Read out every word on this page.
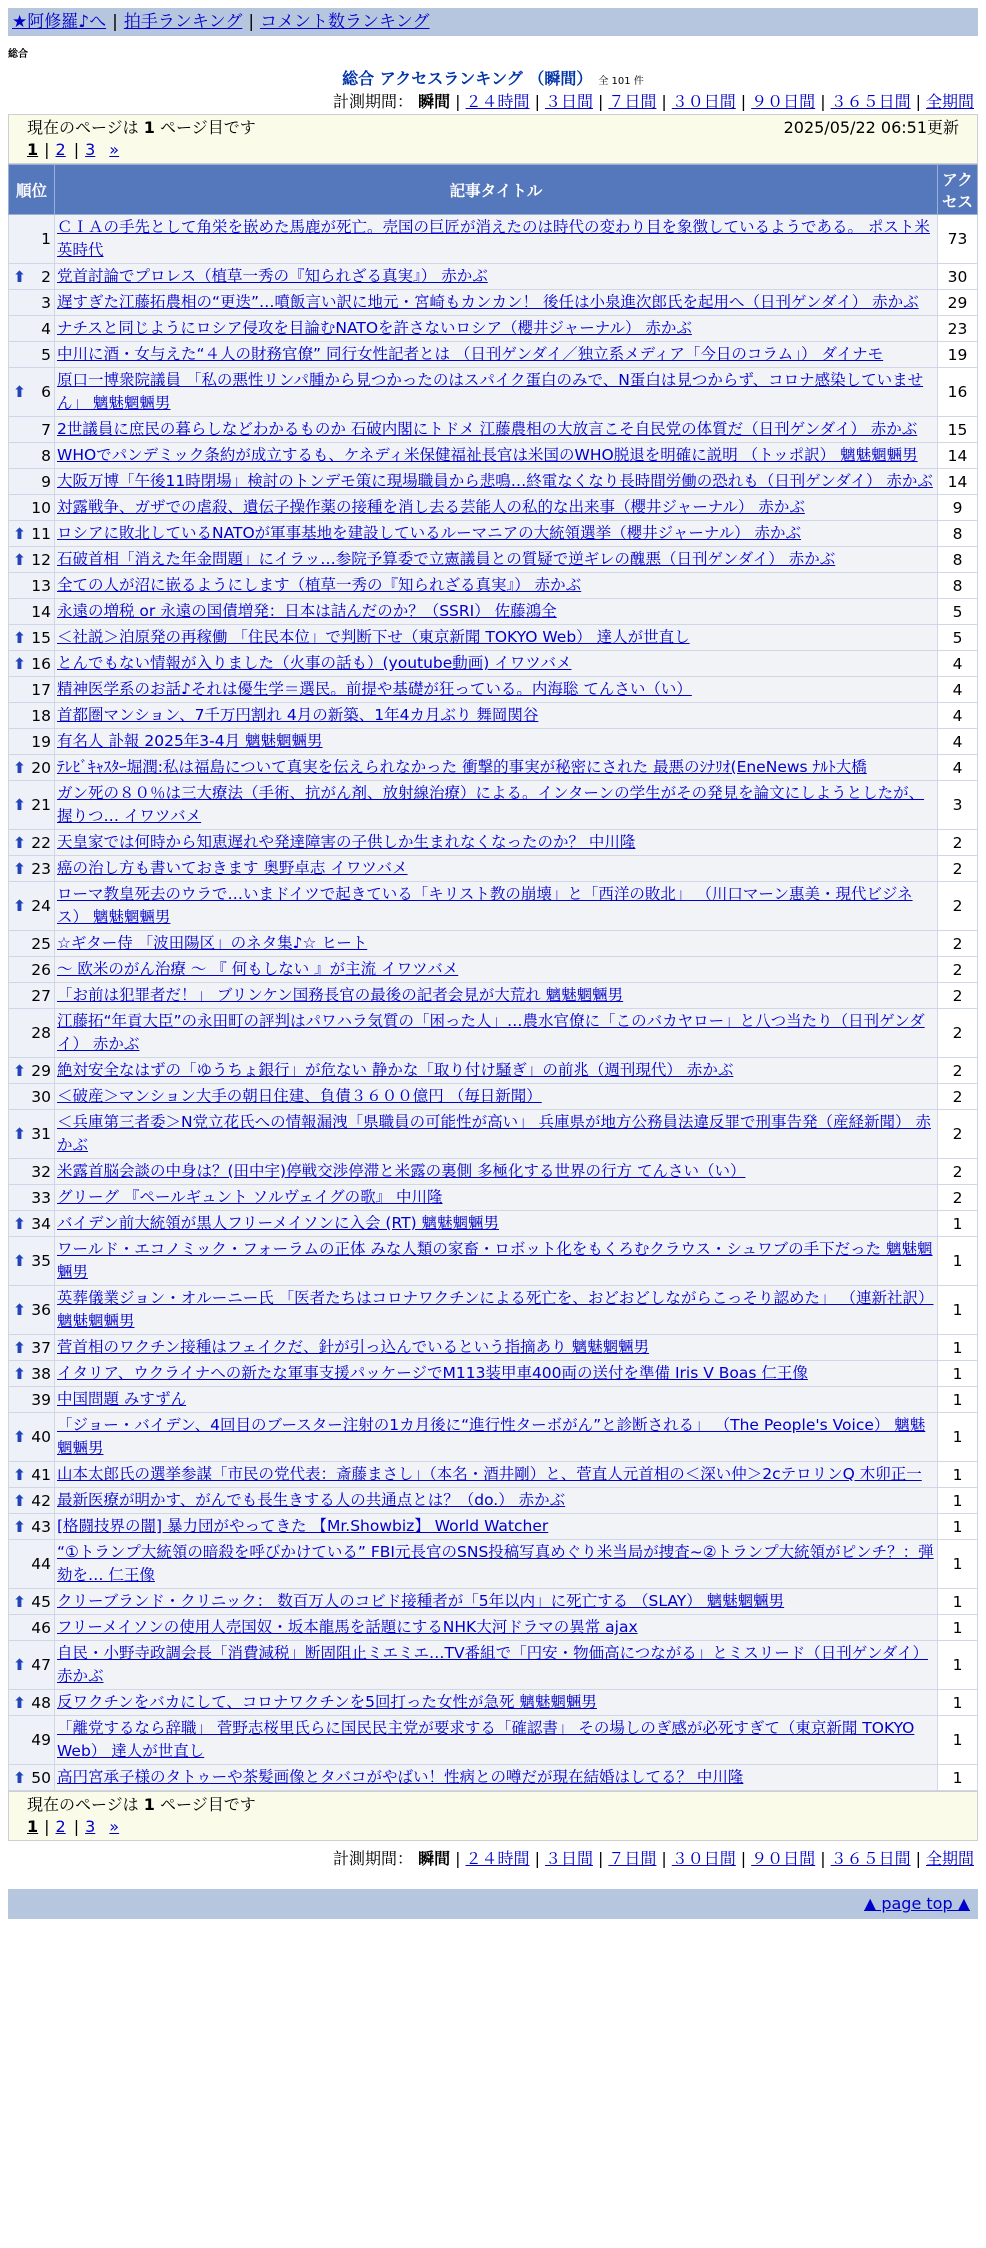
★阿修羅♪へ | 拍手ランキング | コメント数ランキング
総合
総合 アクセスランキング （瞬間） 全 101 件
計測期間： 瞬間 | ２４時間 | ３日間 | ７日間 | ３０日間 | ９０日間 | ３６５日間 | 全期間
現在のページは 1 ページ目です	2025/05/22 06:51更新
1 | 2 | 3 »
順位	記事タイトル	アクセス
1	ＣＩＡの手先として角栄を嵌めた馬鹿が死亡。売国の巨匠が消えたのは時代の変わり目を象徴しているようである。 ポスト米英時代	73

⬆ 2	党首討論でプロレス（植草一秀の『知られざる真実』） 赤かぶ	30
3	遅すぎた江藤拓農相の“更迭”…噴飯言い訳に地元・宮崎もカンカン！ 後任は小泉進次郎氏を起用へ（日刊ゲンダイ） 赤かぶ	29
4	ナチスと同じようにロシア侵攻を目論むNATOを許さないロシア（櫻井ジャーナル） 赤かぶ	23
5	中川に酒・女与えた“４人の財務官僚” 同行女性記者とは （日刊ゲンダイ／独立系メディア「今日のコラム」） ダイナモ	19

⬆ 6	原口一博衆院議員 「私の悪性リンパ腫から見つかったのはスパイク蛋白のみで、N蛋白は見つからず、コロナ感染していません」 魑魅魍魎男	16
7	2世議員に庶民の暮らしなどわかるものか 石破内閣にトドメ 江藤農相の大放言こそ自民党の体質だ（日刊ゲンダイ） 赤かぶ	15
8	WHOでパンデミック条約が成立するも、ケネディ米保健福祉長官は米国のWHO脱退を明確に説明 （トッポ訳） 魑魅魍魎男	14
9	大阪万博「午後11時閉場」検討のトンデモ策に現場職員から悲鳴…終電なくなり長時間労働の恐れも（日刊ゲンダイ） 赤かぶ	14
10	対露戦争、ガザでの虐殺、遺伝子操作薬の接種を消し去る芸能人の私的な出来事（櫻井ジャーナル） 赤かぶ	9

⬆ 11	ロシアに敗北しているNATOが軍事基地を建設しているルーマニアの大統領選挙（櫻井ジャーナル） 赤かぶ	8

⬆ 12	石破首相「消えた年金問題」にイラッ…参院予算委で立憲議員との質疑で逆ギレの醜悪（日刊ゲンダイ） 赤かぶ	8
13	全ての人が沼に嵌るようにします（植草一秀の『知られざる真実』） 赤かぶ	8
14	永遠の増税 or 永遠の国債増発：日本は詰んだのか？（SSRI） 佐藤鴻全	5

⬆ 15	＜社説＞泊原発の再稼働 「住民本位」で判断下せ（東京新聞 TOKYO Web） 達人が世直し	5

⬆ 16	とんでもない情報が入りました（火事の話も）(youtube動画) イワツバメ	4
17	精神医学系のお話♪それは優生学＝選民。前提や基礎が狂っている。内海聡 てんさい（い）	4
18	首都圏マンション、7千万円割れ 4月の新築、1年4カ月ぶり 舞岡関谷	4
19	有名人 訃報 2025年3-4月 魑魅魍魎男	4

⬆ 20	ﾃﾚﾋﾞｷｬｽﾀｰ堀潤:私は福島について真実を伝えられなかった 衝撃的事実が秘密にされた 最悪のｼﾅﾘｵ(EneNews ﾅﾙﾄ大橋	4

⬆ 21	ガン死の８０％は三大療法（手術、抗がん剤、放射線治療）による。インターンの学生がその発見を論文にしようとしたが、握りつ… イワツバメ	3

⬆ 22	天皇家では何時から知恵遅れや発達障害の子供しか生まれなくなったのか？ 中川隆	2

⬆ 23	癌の治し方も書いておきます 奥野卓志 イワツバメ	2

⬆ 24	ローマ教皇死去のウラで…いまドイツで起きている「キリスト教の崩壊」と「西洋の敗北」 （川口マーン惠美・現代ビジネス） 魑魅魍魎男	2
25	☆ギター侍 「波田陽区」のネタ集♪☆ ヒート	2
26	～ 欧米のがん治療 ～ 『 何もしない 』が主流 イワツバメ	2
27	「お前は犯罪者だ！」 ブリンケン国務長官の最後の記者会見が大荒れ 魑魅魍魎男	2
28	江藤拓“年貢大臣”の永田町の評判はパワハラ気質の「困った人」…農水官僚に「このバカヤロー」と八つ当たり（日刊ゲンダイ） 赤かぶ	2

⬆ 29	絶対安全なはずの「ゆうちょ銀行」が危ない 静かな「取り付け騒ぎ」の前兆（週刊現代） 赤かぶ	2
30	＜破産＞マンション大手の朝日住建、負債３６００億円 （毎日新聞）	2

⬆ 31	＜兵庫第三者委＞N党立花氏への情報漏洩「県職員の可能性が高い」 兵庫県が地方公務員法違反罪で刑事告発（産経新聞） 赤かぶ	2
32	米露首脳会談の中身は？(田中宇)停戦交渉停滞と米露の裏側 多極化する世界の行方 てんさい（い）	2
33	グリーグ 『ペールギュント ソルヴェイグの歌』 中川隆	2

⬆ 34	バイデン前大統領が黒人フリーメイソンに入会 (RT) 魑魅魍魎男	1

⬆ 35	ワールド・エコノミック・フォーラムの正体 みな人類の家畜・ロボット化をもくろむクラウス・シュワブの手下だった 魑魅魍魎男	1

⬆ 36	英葬儀業ジョン・オルーニー氏 「医者たちはコロナワクチンによる死亡を、おどおどしながらこっそり認めた」 （連新社訳） 魑魅魍魎男	1

⬆ 37	菅首相のワクチン接種はフェイクだ、針が引っ込んでいるという指摘あり 魑魅魍魎男	1

⬆ 38	イタリア、ウクライナへの新たな軍事支援パッケージでM113装甲車400両の送付を準備 Iris V Boas 仁王像	1
39	中国問題 みすずん	1

⬆ 40	「ジョー・バイデン、4回目のブースター注射の1カ月後に“進行性ターボがん”と診断される」 （The People's Voice） 魑魅魍魎男	1

⬆ 41	山本太郎氏の選挙参謀「市民の党代表：斎藤まさし」（本名・酒井剛）と、菅直人元首相の＜深い仲＞2cテロリンQ 木卯正一	1

⬆ 42	最新医療が明かす、がんでも長生きする人の共通点とは？（do.） 赤かぶ	1

⬆ 43	[格闘技界の闇] 暴力団がやってきた 【Mr.Showbiz】 World Watcher	1
44	“①トランプ大統領の暗殺を呼びかけている” FBI元長官のSNS投稿写真めぐり米当局が捜査~②トランプ大統領がピンチ？：弾劾を… 仁王像	1

⬆ 45	クリーブランド・クリニック： 数百万人のコビド接種者が「5年以内」に死亡する （SLAY） 魑魅魍魎男	1
46	フリーメイソンの使用人売国奴・坂本龍馬を話題にするNHK大河ドラマの異常 ajax	1

⬆ 47	自民・小野寺政調会長「消費減税」断固阻止ミエミエ…TV番組で「円安・物価高につながる」とミスリード（日刊ゲンダイ） 赤かぶ	1

⬆ 48	反ワクチンをバカにして、コロナワクチンを5回打った女性が急死 魑魅魍魎男	1
49	「離党するなら辞職」 菅野志桜里氏らに国民民主党が要求する「確認書」 その場しのぎ感が必死すぎて（東京新聞 TOKYO Web） 達人が世直し	1

⬆ 50	高円宮承子様のタトゥーや茶髪画像とタバコがやばい！性病との噂だが現在結婚はしてる？ 中川隆	1
現在のページは 1 ページ目です
1 | 2 | 3 »
計測期間： 瞬間 | ２４時間 | ３日間 | ７日間 | ３０日間 | ９０日間 | ３６５日間 | 全期間
▲ page top ▲
